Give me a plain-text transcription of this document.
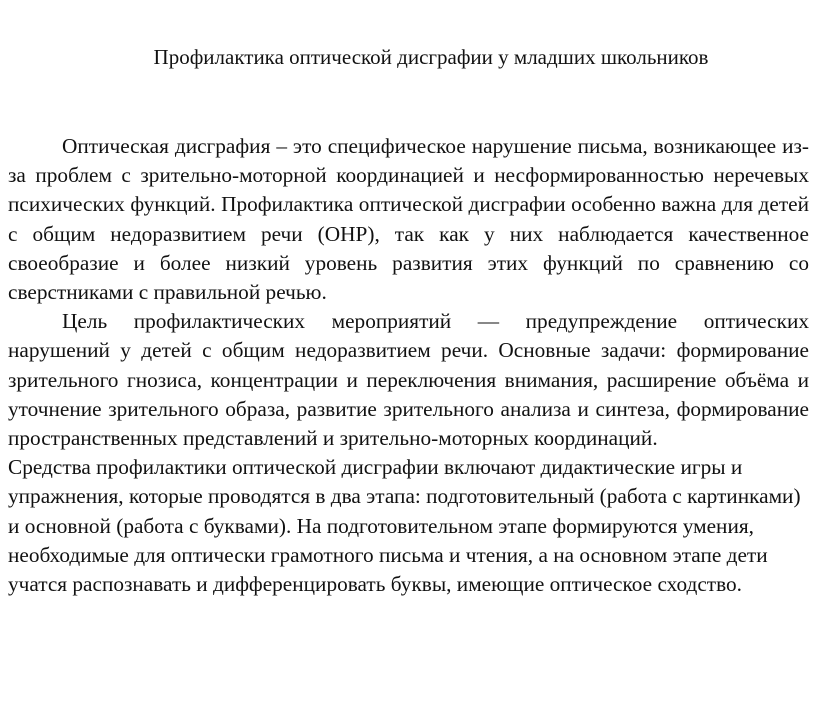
Профилактика оптической дисграфии у младших школьников

Оптическая дисграфия – это специфическое нарушение письма, возникающее из-за проблем с зрительно-моторной координацией и несформированностью неречевых психических функций. Профилактика оптической дисграфии особенно важна для детей с общим недоразвитием речи (ОНР), так как у них наблюдается качественное своеобразие и более низкий уровень развития этих функций по сравнению со сверстниками с правильной речью.

Цель профилактических мероприятий — предупреждение оптических нарушений у детей с общим недоразвитием речи. Основные задачи: формирование зрительного гнозиса, концентрации и переключения внимания, расширение объёма и уточнение зрительного образа, развитие зрительного анализа и синтеза, формирование пространственных представлений и зрительно-моторных координаций.

Средства профилактики оптической дисграфии включают дидактические игры и упражнения, которые проводятся в два этапа: подготовительный (работа с картинками) и основной (работа с буквами). На подготовительном этапе формируются умения, необходимые для оптически грамотного письма и чтения, а на основном этапе дети учатся распознавать и дифференцировать буквы, имеющие оптическое сходство.
